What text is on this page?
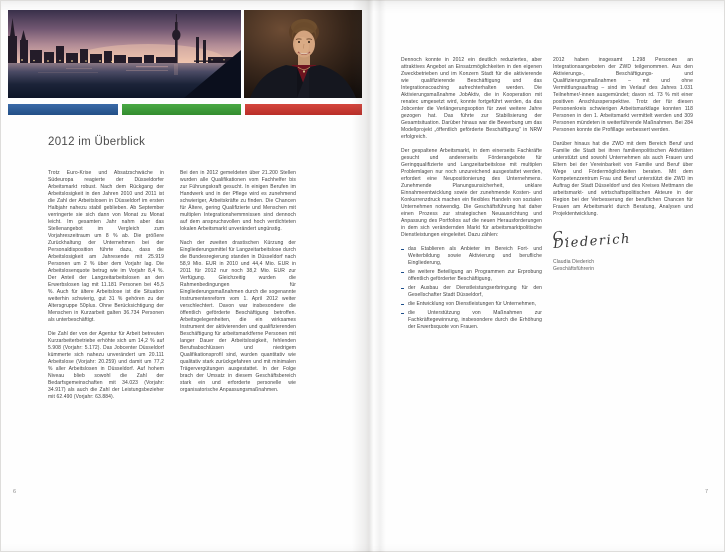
2012 im Überblick

Trotz Euro-Krise und Absatzschwäche in Südeuropa reagierte der Düsseldorfer Arbeitsmarkt robust. Nach dem Rückgang der Arbeitslosigkeit in den Jahren 2010 und 2011 ist die Zahl der Arbeitslosen in Düsseldorf im ersten Halbjahr nahezu stabil geblieben. Ab September verringerte sie sich dann von Monat zu Monat leicht. Im gesamten Jahr nahm aber das Stellenangebot im Vergleich zum Vorjahreszeitraum um 8 % ab. Die größere Zurückhaltung der Unternehmen bei der Personaldisposition führte dazu, dass die Arbeitslosigkeit am Jahresende mit 25.919 Personen um 2 % über dem Vorjahr lag. Die Arbeitslosenquote betrug wie im Vorjahr 8,4 %. Der Anteil der Langzeitarbeitslosen an den Erwerbslosen lag mit 11.181 Personen bei 45,5 %. Auch für ältere Arbeitslose ist die Situation weiterhin schwierig, gut 31 % gehören zu der Altersgruppe 50plus. Ohne Berücksichtigung der Menschen in Kurzarbeit galten 36.734 Personen als unterbeschäftigt.

Die Zahl der von der Agentur für Arbeit betreuten Kurzarbeiterbetriebe erhöhte sich um 14,2 % auf 5.908 (Vorjahr: 5.172). Das Jobcenter Düsseldorf kümmerte sich nahezu unverändert um 20.111 Arbeitslose (Vorjahr: 20.259) und damit um 77,2 % aller Arbeitslosen in Düsseldorf. Auf hohem Niveau blieb sowohl die Zahl der Bedarfsgemeinschaften mit 34.023 (Vorjahr: 34.917) als auch die Zahl der Leistungsbezieher mit 62.490 (Vorjahr: 63.884).

Bei den in 2012 gemeldeten über 21.200 Stellen wurden alle Qualifikationen vom Fachhelfer bis zur Führungskraft gesucht. In einigen Berufen im Handwerk und in der Pflege wird es zunehmend schwieriger, Arbeitskräfte zu finden. Die Chancen für Ältere, gering Qualifizierte und Menschen mit multiplen Integrationshemmnissen sind dennoch auf dem anspruchsvollen und hoch verdichteten lokalen Arbeitsmarkt unverändert ungünstig.

Nach der zweiten drastischen Kürzung der Eingliederungsmittel für Langzeitarbeitslose durch die Bundesregierung standen in Düsseldorf nach 58,9 Mio. EUR in 2010 und 44,4 Mio. EUR in 2011 für 2012 nur noch 38,2 Mio. EUR zur Verfügung. Gleichzeitig wurden die Rahmenbedingungen für Eingliederungsmaßnahmen durch die sogenannte Instrumentenreform vom 1. April 2012 weiter verschlechtert. Davon war insbesondere die öffentlich geförderte Beschäftigung betroffen. Arbeitsgelegenheiten, die ein wirksames Instrument der aktivierenden und qualifizierenden Beschäftigung für arbeitsmarktferne Personen mit langer Dauer der Arbeitslosigkeit, fehlenden Berufsabschlüssen und niedrigem Qualifikationsprofil sind, wurden quantitativ wie qualitativ stark zurückgefahren und mit minimalen Trägervergütungen ausgestattet. In der Folge brach der Umsatz in diesem Geschäftsbereich stark ein und erforderte personelle wie organisatorische Anpassungsmaßnahmen.

6

Dennoch konnte in 2012 ein deutlich reduziertes, aber attraktives Angebot an Einsatzmöglichkeiten in den eigenen Zweckbetrieben und im Konzern Stadt für die aktivierende wie qualifizierende Beschäftigung und das Integrationscoaching aufrechterhalten werden. Die Aktivierungsmaßnahme JobAktiv, die in Kooperation mit renatec umgesetzt wird, konnte fortgeführt werden, da das Jobcenter die Verlängerungsoption für zwei weitere Jahre gezogen hat. Das führte zur Stabilisierung der Gesamtsituation. Darüber hinaus war die Bewerbung um das Modellprojekt „öffentlich geförderte Beschäftigung“ in NRW erfolgreich.

Der gespaltene Arbeitsmarkt, in dem einerseits Fachkräfte gesucht und andererseits Förderangebote für Geringqualifizierte und Langzeitarbeitslose mit multiplen Problemlagen nur noch unzureichend ausgestattet werden, erfordert eine Neupositionierung des Unternehmens. Zunehmende Planungsunsicherheit, unklare Einnahmeentwicklung sowie der zunehmende Kosten- und Konkurrenzdruck machen ein flexibles Handeln von sozialen Unternehmen notwendig. Die Geschäftsführung hat daher einen Prozess zur strategischen Neuausrichtung und Anpassung des Portfolios auf die neuen Herausforderungen in dem sich verändernden Markt für arbeitsmarktpolitische Dienstleistungen eingeleitet. Dazu zählen:

das Etablieren als Anbieter im Bereich Fort- und Weiterbildung sowie Aktivierung und berufliche Eingliederung,
die weitere Beteiligung an Programmen zur Erprobung öffentlich geförderter Beschäftigung,
der Ausbau der Dienstleistungserbringung für den Gesellschafter Stadt Düsseldorf,
die Entwicklung von Dienstleistungen für Unternehmen,
die Unterstützung von Maßnahmen zur Fachkräftegewinnung, insbesondere durch die Erhöhung der Erwerbsquote von Frauen.

2012 haben insgesamt 1.298 Personen an Integrationsangeboten der ZWD teilgenommen. Aus den Aktivierungs-, Beschäftigungs- und Qualifizierungsmaßnahmen – mit und ohne Vermittlungsauftrag – sind im Verlauf des Jahres 1.031 Teilnehmer/-innen ausgemündet; davon rd. 73 % mit einer positiven Anschlussperspektive. Trotz der für diesen Personenkreis schwierigen Arbeitsmarktlage konnten 118 Personen in den 1. Arbeitsmarkt vermittelt werden und 309 Personen mündeten in weiterführende Maßnahmen. Bei 284 Personen konnte die Profillage verbessert werden.

Darüber hinaus hat die ZWD mit dem Bereich Beruf und Familie die Stadt bei ihren familienpolitischen Aktivitäten unterstützt und sowohl Unternehmen als auch Frauen und Eltern bei der Vereinbarkeit von Familie und Beruf über Wege und Fördermöglichkeiten beraten. Mit dem Kompetenzzentrum Frau und Beruf unterstützt die ZWD im Auftrag der Stadt Düsseldorf und des Kreises Mettmann die arbeitsmarkt- und wirtschaftspolitischen Akteure in der Region bei der Verbesserung der beruflichen Chancen für Frauen am Arbeitsmarkt durch Beratung, Analysen und Projektentwicklung.

C. Diederich
Claudia Diederich
Geschäftsführerin
7
